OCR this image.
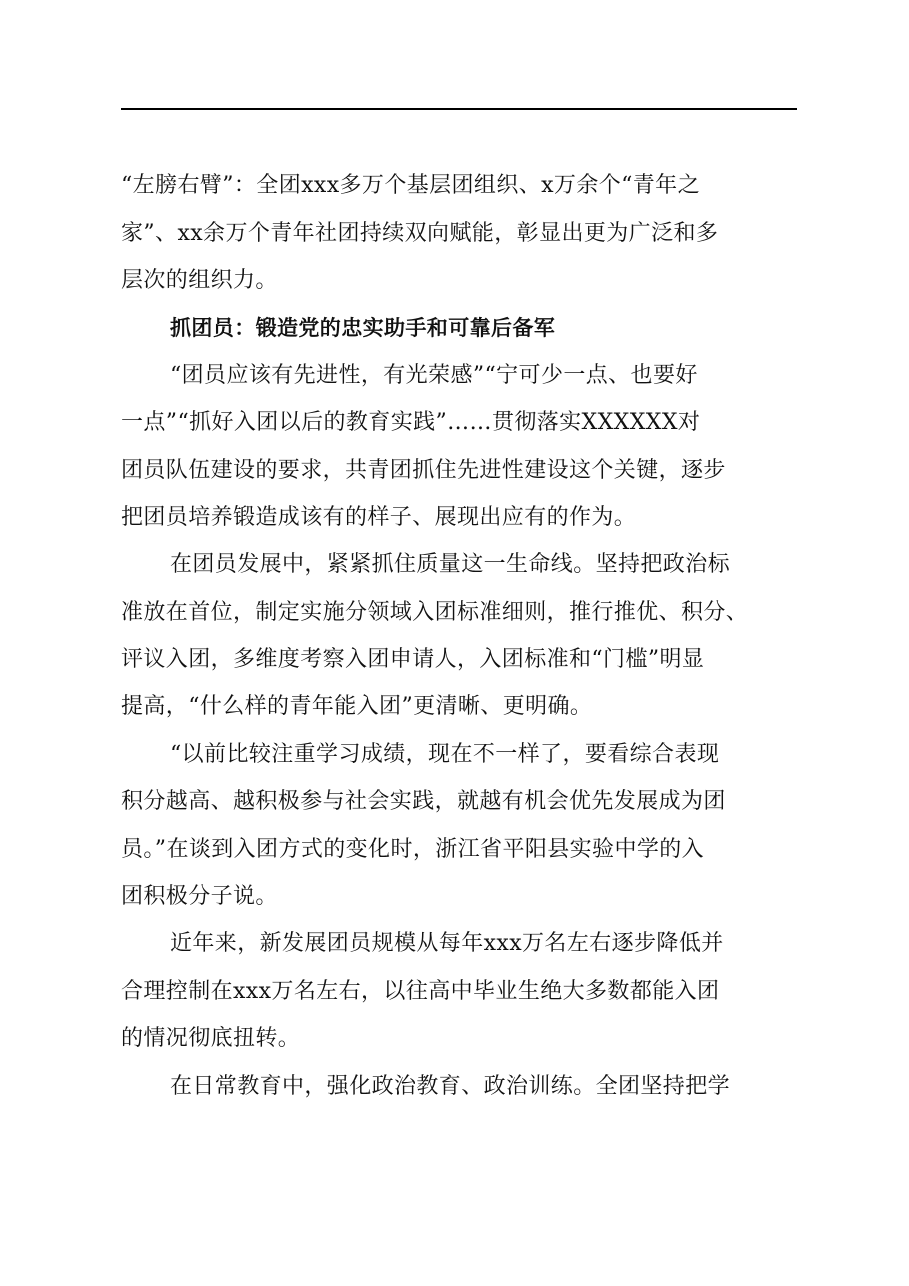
“左膀右臂”：全团xxx多万个基层团组织、x万余个“青年之
家”、xx余万个青年社团持续双向赋能，彰显出更为广泛和多
层次的组织力。
抓团员：锻造党的忠实助手和可靠后备军
“团员应该有先进性，有光荣感”“宁可少一点、也要好
一点”“抓好入团以后的教育实践”……贯彻落实XXXXXX对
团员队伍建设的要求，共青团抓住先进性建设这个关键，逐步
把团员培养锻造成该有的样子、展现出应有的作为。
在团员发展中，紧紧抓住质量这一生命线。坚持把政治标
准放在首位，制定实施分领域入团标准细则，推行推优、积分、
评议入团，多维度考察入团申请人，入团标准和“门槛”明显
提高，“什么样的青年能入团”更清晰、更明确。
“以前比较注重学习成绩，现在不一样了，要看综合表现
积分越高、越积极参与社会实践，就越有机会优先发展成为团
员。”在谈到入团方式的变化时，浙江省平阳县实验中学的入
团积极分子说。
近年来，新发展团员规模从每年xxx万名左右逐步降低并
合理控制在xxx万名左右，以往高中毕业生绝大多数都能入团
的情况彻底扭转。
在日常教育中，强化政治教育、政治训练。全团坚持把学
